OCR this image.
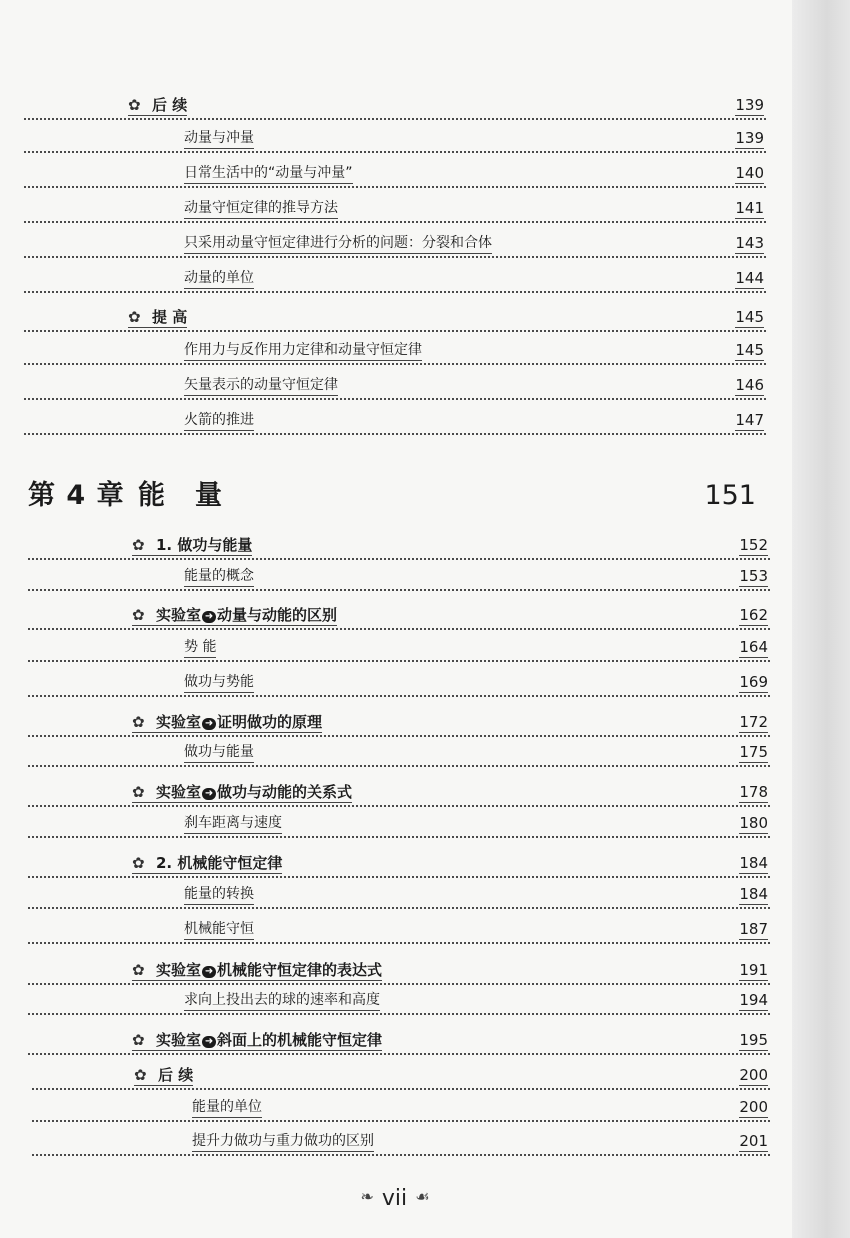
✿ 后 续	139
动量与冲量	139
日常生活中的“动量与冲量”	140
动量守恒定律的推导方法	141
只采用动量守恒定律进行分析的问题：分裂和合体	143
动量的单位	144
✿ 提 高	145
作用力与反作用力定律和动量守恒定律	145
矢量表示的动量守恒定律	146
火箭的推进	147
第 4 章 能量	151
✿ 1. 做功与能量	152
能量的概念	153
✿ 实验室 ➜ 动量与动能的区别	162
势 能	164
做功与势能	169
✿ 实验室 ➜ 证明做功的原理	172
做功与能量	175
✿ 实验室 ➜ 做功与动能的关系式	178
刹车距离与速度	180
✿ 2. 机械能守恒定律	184
能量的转换	184
机械能守恒	187
✿ 实验室 ➜ 机械能守恒定律的表达式	191
求向上投出去的球的速率和高度	194
✿ 实验室 ➜ 斜面上的机械能守恒定律	195
✿ 后 续	200
能量的单位	200
提升力做功与重力做功的区别	201
❧ vii ☙
